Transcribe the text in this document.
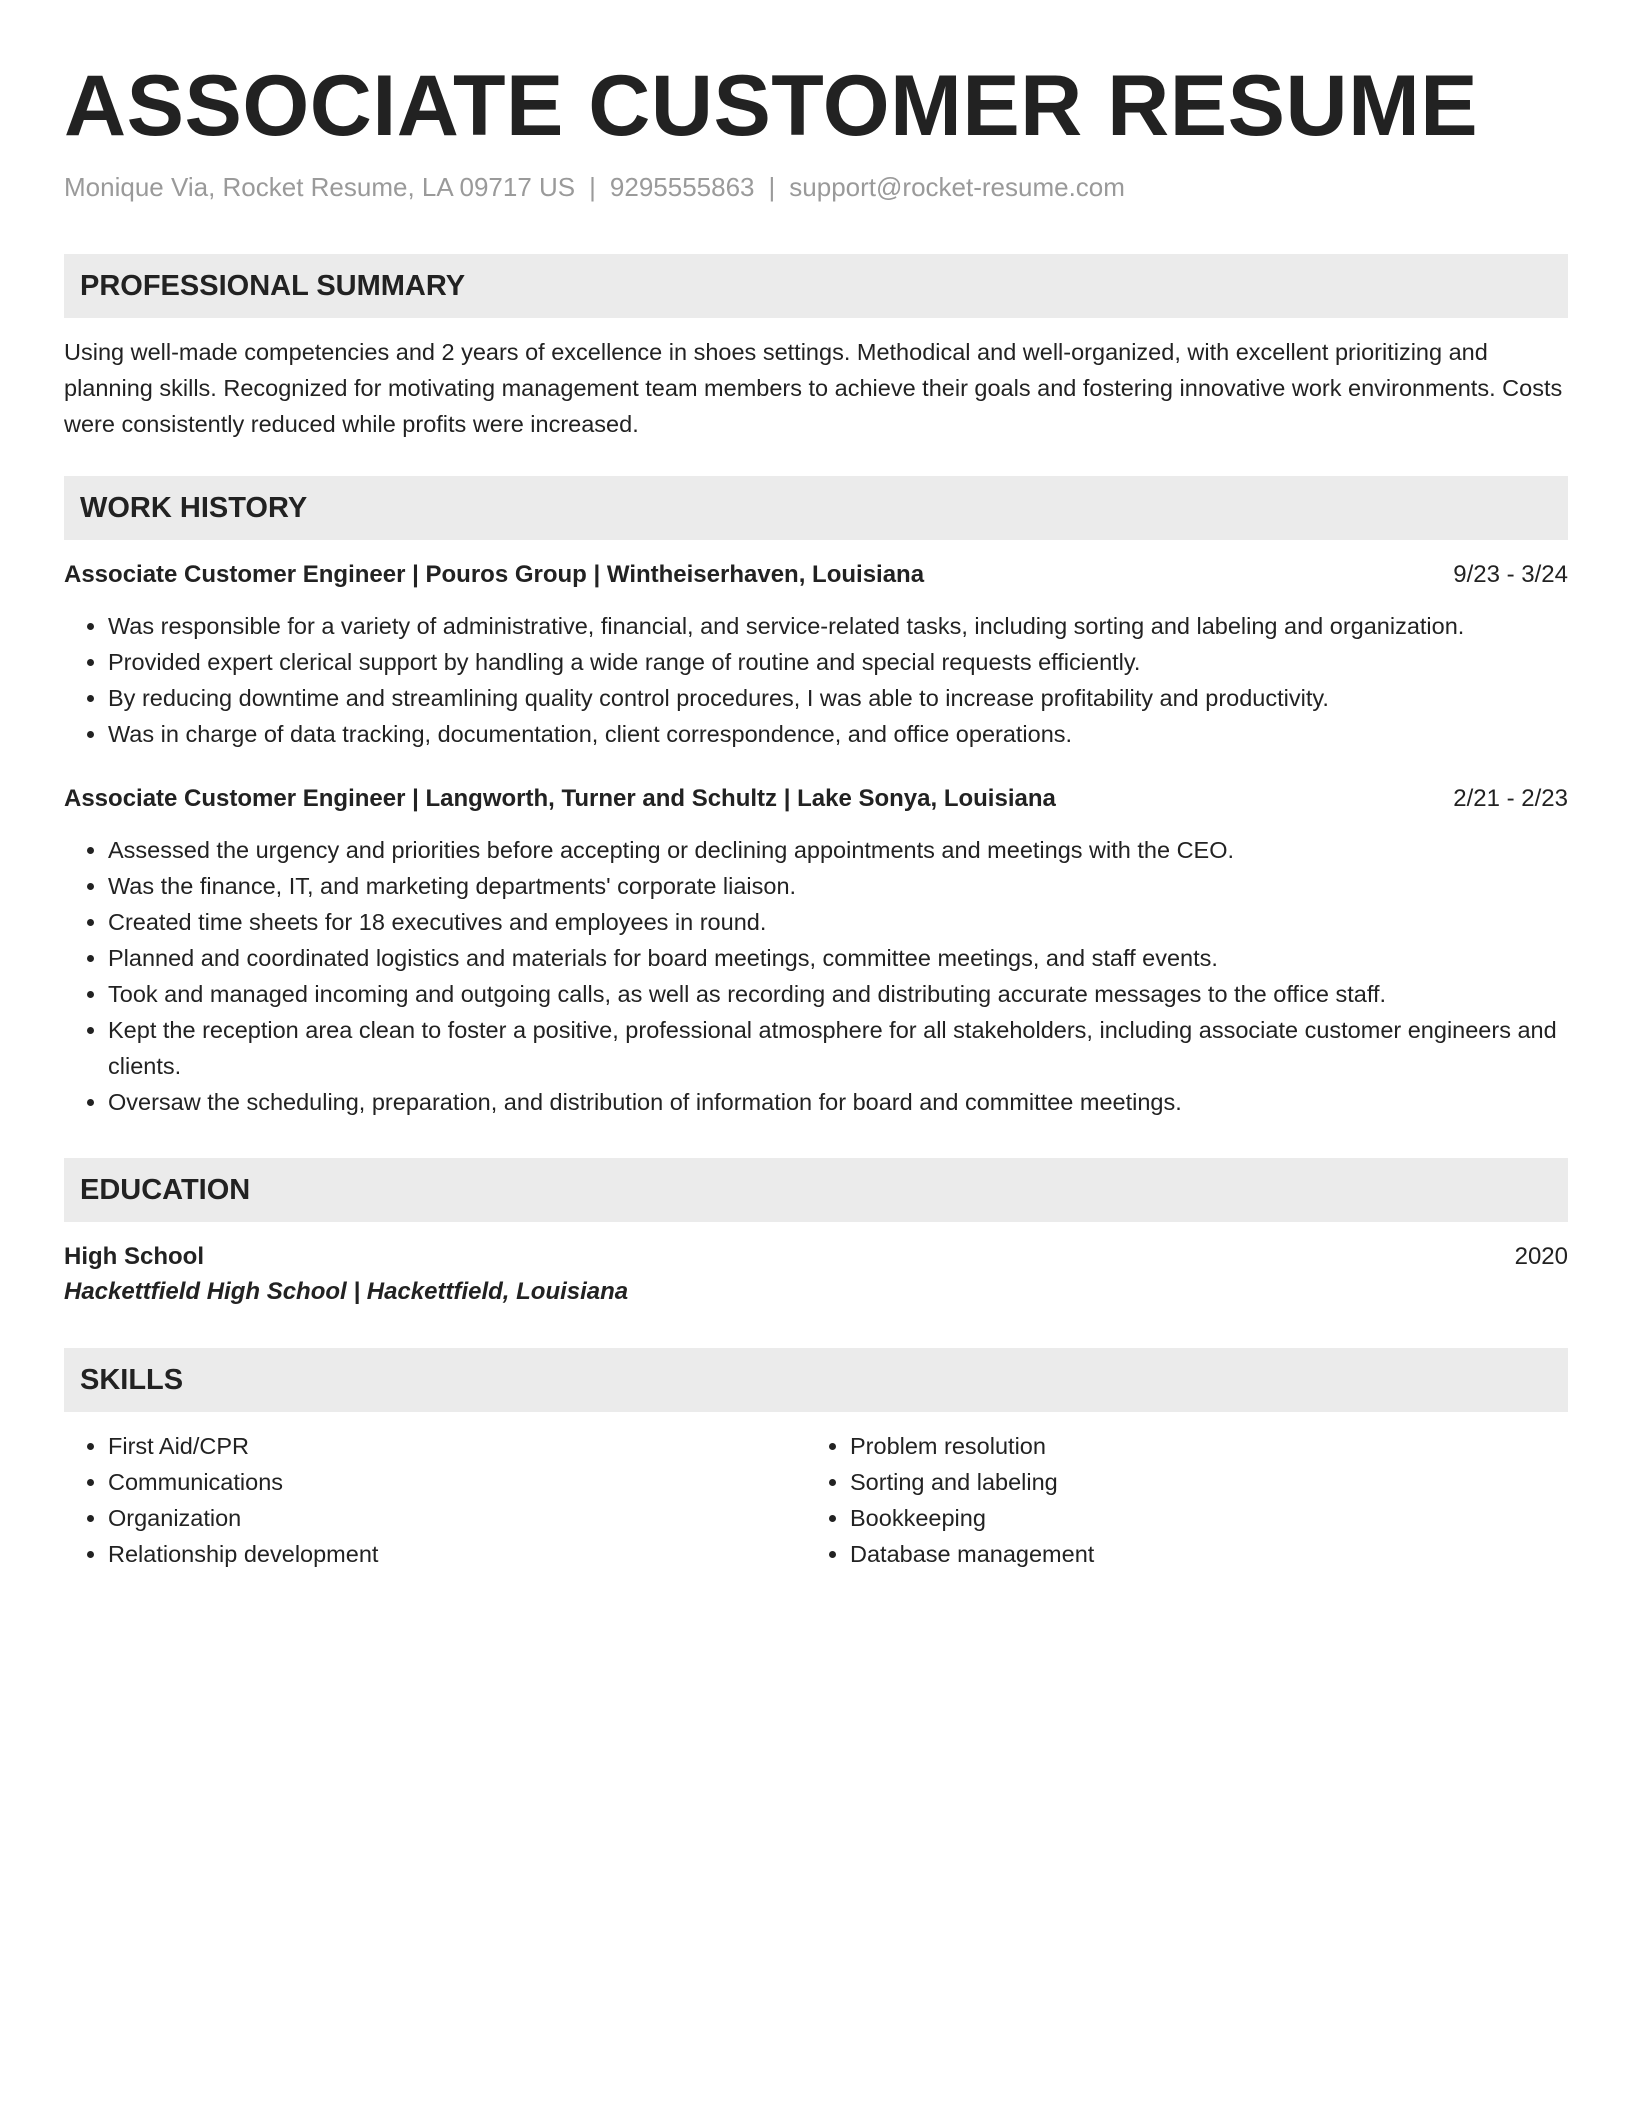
ASSOCIATE CUSTOMER RESUME
Monique Via, Rocket Resume, LA 09717 US | 9295555863 | support@rocket-resume.com
PROFESSIONAL SUMMARY
Using well-made competencies and 2 years of excellence in shoes settings. Methodical and well-organized, with excellent prioritizing and planning skills. Recognized for motivating management team members to achieve their goals and fostering innovative work environments. Costs were consistently reduced while profits were increased.
WORK HISTORY
Associate Customer Engineer | Pouros Group | Wintheiserhaven, Louisiana	9/23 - 3/24
• Was responsible for a variety of administrative, financial, and service-related tasks, including sorting and labeling and organization.
• Provided expert clerical support by handling a wide range of routine and special requests efficiently.
• By reducing downtime and streamlining quality control procedures, I was able to increase profitability and productivity.
• Was in charge of data tracking, documentation, client correspondence, and office operations.
Associate Customer Engineer | Langworth, Turner and Schultz | Lake Sonya, Louisiana	2/21 - 2/23
• Assessed the urgency and priorities before accepting or declining appointments and meetings with the CEO.
• Was the finance, IT, and marketing departments' corporate liaison.
• Created time sheets for 18 executives and employees in round.
• Planned and coordinated logistics and materials for board meetings, committee meetings, and staff events.
• Took and managed incoming and outgoing calls, as well as recording and distributing accurate messages to the office staff.
• Kept the reception area clean to foster a positive, professional atmosphere for all stakeholders, including associate customer engineers and clients.
• Oversaw the scheduling, preparation, and distribution of information for board and committee meetings.
EDUCATION
High School	2020
Hackettfield High School | Hackettfield, Louisiana
SKILLS
• First Aid/CPR
• Communications
• Organization
• Relationship development
• Problem resolution
• Sorting and labeling
• Bookkeeping
• Database management
